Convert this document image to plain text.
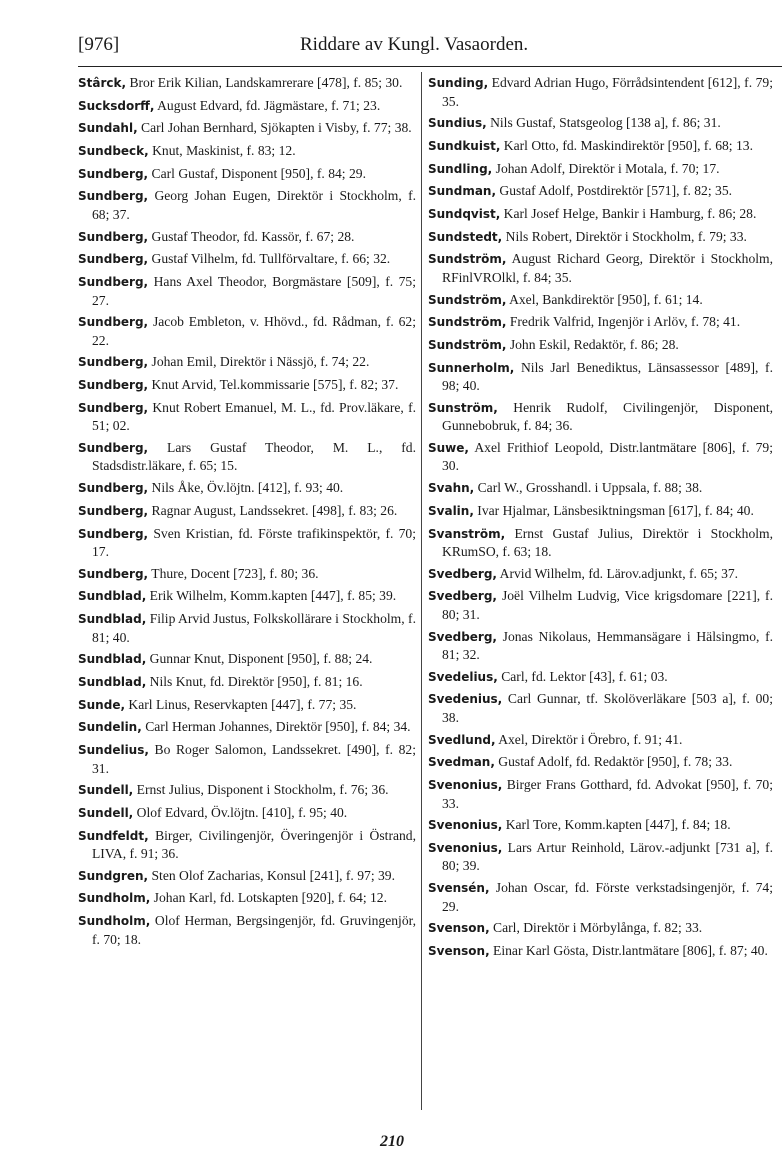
[976]	Riddare av Kungl. Vasaorden.
Stârck, Bror Erik Kilian, Landskamrerare [478], f. 85; 30.
Sucksdorff, August Edvard, fd. Jägmästare, f. 71; 23.
Sundahl, Carl Johan Bernhard, Sjökapten i Visby, f. 77; 38.
Sundbeck, Knut, Maskinist, f. 83; 12.
Sundberg, Carl Gustaf, Disponent [950], f. 84; 29.
Sundberg, Georg Johan Eugen, Direktör i Stockholm, f. 68; 37.
Sundberg, Gustaf Theodor, fd. Kassör, f. 67; 28.
Sundberg, Gustaf Vilhelm, fd. Tullförvaltare, f. 66; 32.
Sundberg, Hans Axel Theodor, Borgmästare [509], f. 75; 27.
Sundberg, Jacob Embleton, v. Hhövd., fd. Rådman, f. 62; 22.
Sundberg, Johan Emil, Direktör i Nässjö, f. 74; 22.
Sundberg, Knut Arvid, Tel.kommissarie [575], f. 82; 37.
Sundberg, Knut Robert Emanuel, M. L., fd. Prov.läkare, f. 51; 02.
Sundberg, Lars Gustaf Theodor, M. L., fd. Stadsdistr.läkare, f. 65; 15.
Sundberg, Nils Åke, Öv.löjtn. [412], f. 93; 40.
Sundberg, Ragnar August, Landssekret. [498], f. 83; 26.
Sundberg, Sven Kristian, fd. Förste trafikinspektör, f. 70; 17.
Sundberg, Thure, Docent [723], f. 80; 36.
Sundblad, Erik Wilhelm, Komm.kapten [447], f. 85; 39.
Sundblad, Filip Arvid Justus, Folkskollärare i Stockholm, f. 81; 40.
Sundblad, Gunnar Knut, Disponent [950], f. 88; 24.
Sundblad, Nils Knut, fd. Direktör [950], f. 81; 16.
Sunde, Karl Linus, Reservkapten [447], f. 77; 35.
Sundelin, Carl Herman Johannes, Direktör [950], f. 84; 34.
Sundelius, Bo Roger Salomon, Landssekret. [490], f. 82; 31.
Sundell, Ernst Julius, Disponent i Stockholm, f. 76; 36.
Sundell, Olof Edvard, Öv.löjtn. [410], f. 95; 40.
Sundfeldt, Birger, Civilingenjör, Överingenjör i Östrand, LIVA, f. 91; 36.
Sundgren, Sten Olof Zacharias, Konsul [241], f. 97; 39.
Sundholm, Johan Karl, fd. Lotskapten [920], f. 64; 12.
Sundholm, Olof Herman, Bergsingenjör, fd. Gruvingenjör, f. 70; 18.
Sunding, Edvard Adrian Hugo, Förrådsintendent [612], f. 79; 35.
Sundius, Nils Gustaf, Statsgeolog [138 a], f. 86; 31.
Sundkuist, Karl Otto, fd. Maskindirektör [950], f. 68; 13.
Sundling, Johan Adolf, Direktör i Motala, f. 70; 17.
Sundman, Gustaf Adolf, Postdirektör [571], f. 82; 35.
Sundqvist, Karl Josef Helge, Bankir i Hamburg, f. 86; 28.
Sundstedt, Nils Robert, Direktör i Stockholm, f. 79; 33.
Sundström, August Richard Georg, Direktör i Stockholm, RFinlVROlkl, f. 84; 35.
Sundström, Axel, Bankdirektör [950], f. 61; 14.
Sundström, Fredrik Valfrid, Ingenjör i Arlöv, f. 78; 41.
Sundström, John Eskil, Redaktör, f. 86; 28.
Sunnerholm, Nils Jarl Benediktus, Länsassessor [489], f. 98; 40.
Sunström, Henrik Rudolf, Civilingenjör, Disponent, Gunnebobruk, f. 84; 36.
Suwe, Axel Frithiof Leopold, Distr.lantmätare [806], f. 79; 30.
Svahn, Carl W., Grosshandl. i Uppsala, f. 88; 38.
Svalin, Ivar Hjalmar, Länsbesiktningsman [617], f. 84; 40.
Svanström, Ernst Gustaf Julius, Direktör i Stockholm, KRumSO, f. 63; 18.
Svedberg, Arvid Wilhelm, fd. Lärov.adjunkt, f. 65; 37.
Svedberg, Joël Vilhelm Ludvig, Vice krigsdomare [221], f. 80; 31.
Svedberg, Jonas Nikolaus, Hemmansägare i Hälsingmo, f. 81; 32.
Svedelius, Carl, fd. Lektor [43], f. 61; 03.
Svedenius, Carl Gunnar, tf. Skolöverläkare [503 a], f. 00; 38.
Svedlund, Axel, Direktör i Örebro, f. 91; 41.
Svedman, Gustaf Adolf, fd. Redaktör [950], f. 78; 33.
Svenonius, Birger Frans Gotthard, fd. Advokat [950], f. 70; 33.
Svenonius, Karl Tore, Komm.kapten [447], f. 84; 18.
Svenonius, Lars Artur Reinhold, Lärov.-adjunkt [731 a], f. 80; 39.
Svensén, Johan Oscar, fd. Förste verkstadsingenjör, f. 74; 29.
Svenson, Carl, Direktör i Mörbylånga, f. 82; 33.
Svenson, Einar Karl Gösta, Distr.lantmätare [806], f. 87; 40.
210
